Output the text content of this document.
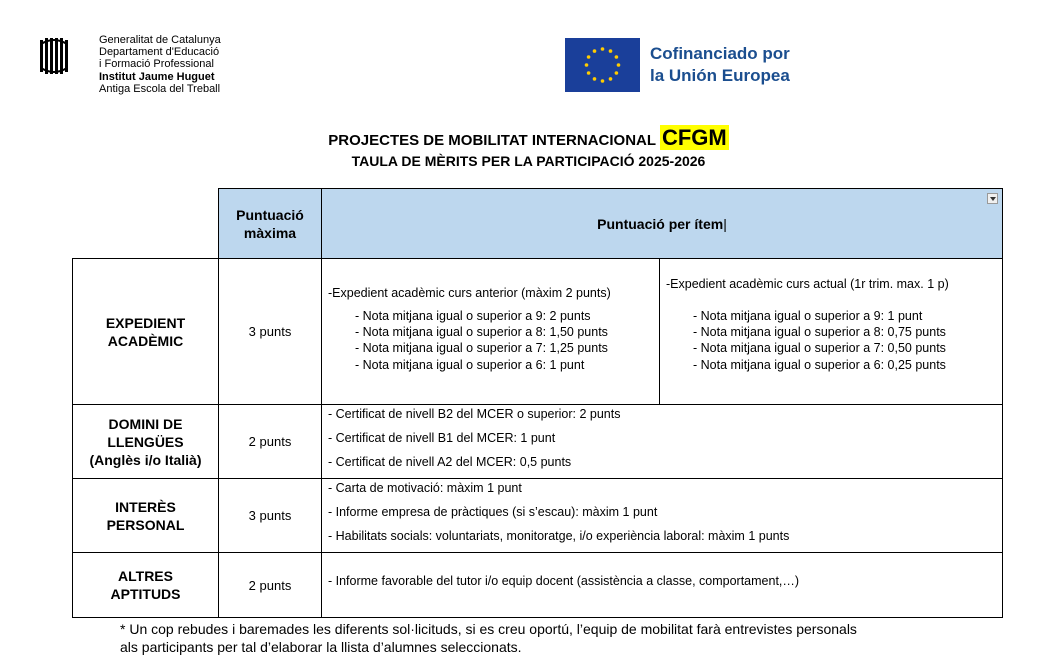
Generalitat de Catalunya
Departament d'Educació
i Formació Professional
Institut Jaume Huguet
Antiga Escola del Treball
Cofinanciado por
la Unión Europea
PROJECTES DE MOBILITAT INTERNACIONAL CFGM
TAULA DE MÈRITS PER LA PARTICIPACIÓ 2025-2026
Puntuació màxima
Puntuació per ítem |
EXPEDIENT ACADÈMIC
3 punts
-Expedient acadèmic curs anterior (màxim 2 punts)
- Nota mitjana igual o superior a 9: 2 punts
- Nota mitjana igual o superior a 8: 1,50 punts
- Nota mitjana igual o superior a 7: 1,25 punts
- Nota mitjana igual o superior a 6: 1 punt
-Expedient acadèmic curs actual (1r trim. max. 1 p)
- Nota mitjana igual o superior a 9: 1 punt
- Nota mitjana igual o superior a 8: 0,75 punts
- Nota mitjana igual o superior a 7: 0,50 punts
- Nota mitjana igual o superior a 6: 0,25 punts
DOMINI DE
LLENGÜES
(Anglès i/o Italià)
2 punts
- Certificat de nivell B2 del MCER o superior: 2 punts
- Certificat de nivell B1 del MCER: 1 punt
- Certificat de nivell A2 del MCER: 0,5 punts
INTERÈS
PERSONAL
3 punts
- Carta de motivació: màxim 1 punt
- Informe empresa de pràctiques (si s’escau): màxim 1 punt
- Habilitats socials: voluntariats, monitoratge, i/o experiència laboral: màxim 1 punts
ALTRES
APTITUDS
2 punts	- Informe favorable del tutor i/o equip docent (assistència a classe, comportament,…)
* Un cop rebudes i baremades les diferents sol·licituds, si es creu oportú, l’equip de mobilitat farà entrevistes personals
als participants per tal d’elaborar la llista d’alumnes seleccionats.
